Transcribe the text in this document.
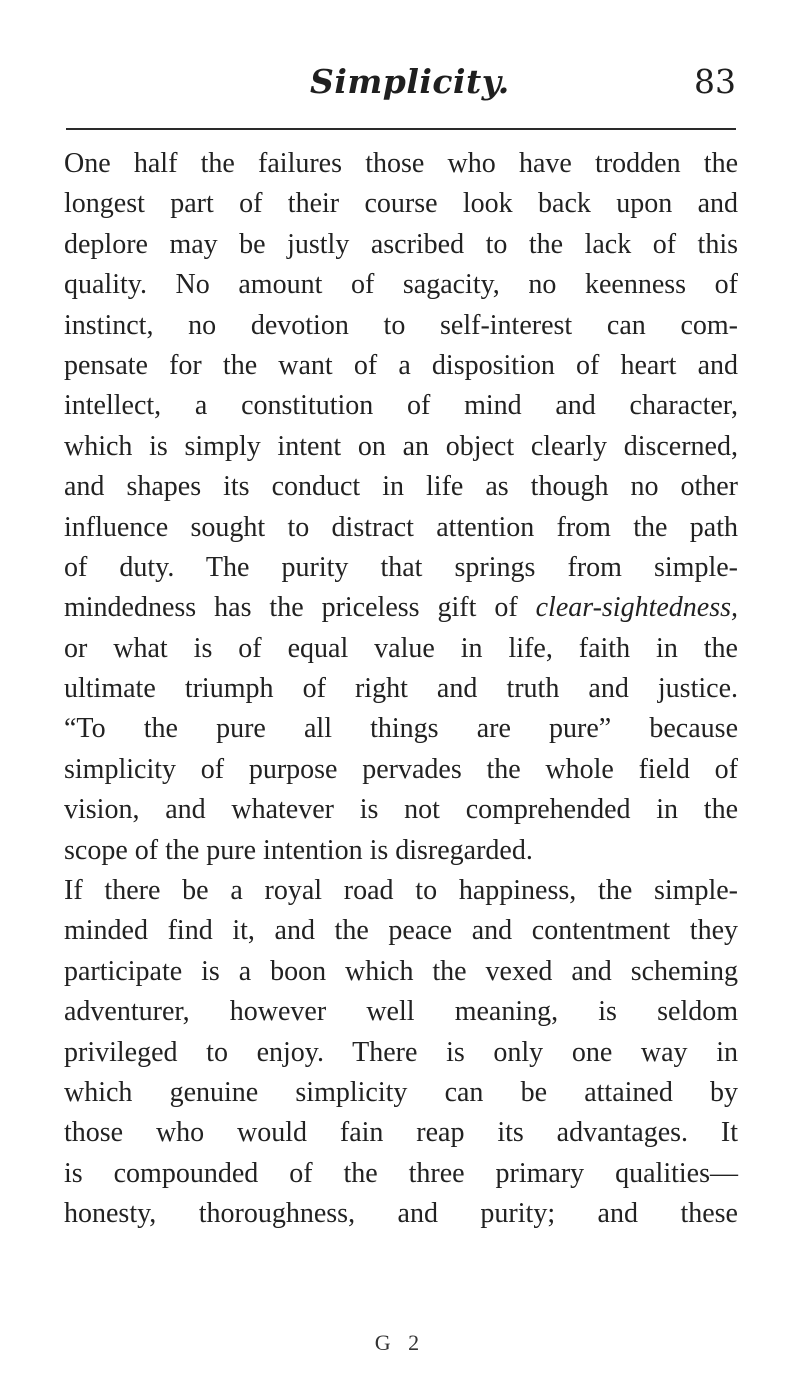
Simplicity.	83
One half the failures those who have trodden the
longest part of their course look back upon and
deplore may be justly ascribed to the lack of this
quality. No amount of sagacity, no keenness of
instinct, no devotion to self-interest can com-
pensate for the want of a disposition of heart and
intellect, a constitution of mind and character,
which is simply intent on an object clearly discerned,
and shapes its conduct in life as though no other
influence sought to distract attention from the path
of duty. The purity that springs from simple-
mindedness has the priceless gift of clear-sightedness,
or what is of equal value in life, faith in the
ultimate triumph of right and truth and justice.
“To the pure all things are pure” because
simplicity of purpose pervades the whole field of
vision, and whatever is not comprehended in the
scope of the pure intention is disregarded.
If there be a royal road to happiness, the simple-
minded find it, and the peace and contentment they
participate is a boon which the vexed and scheming
adventurer, however well meaning, is seldom
privileged to enjoy. There is only one way in
which genuine simplicity can be attained by
those who would fain reap its advantages. It
is compounded of the three primary qualities—
honesty, thoroughness, and purity; and these
G 2
